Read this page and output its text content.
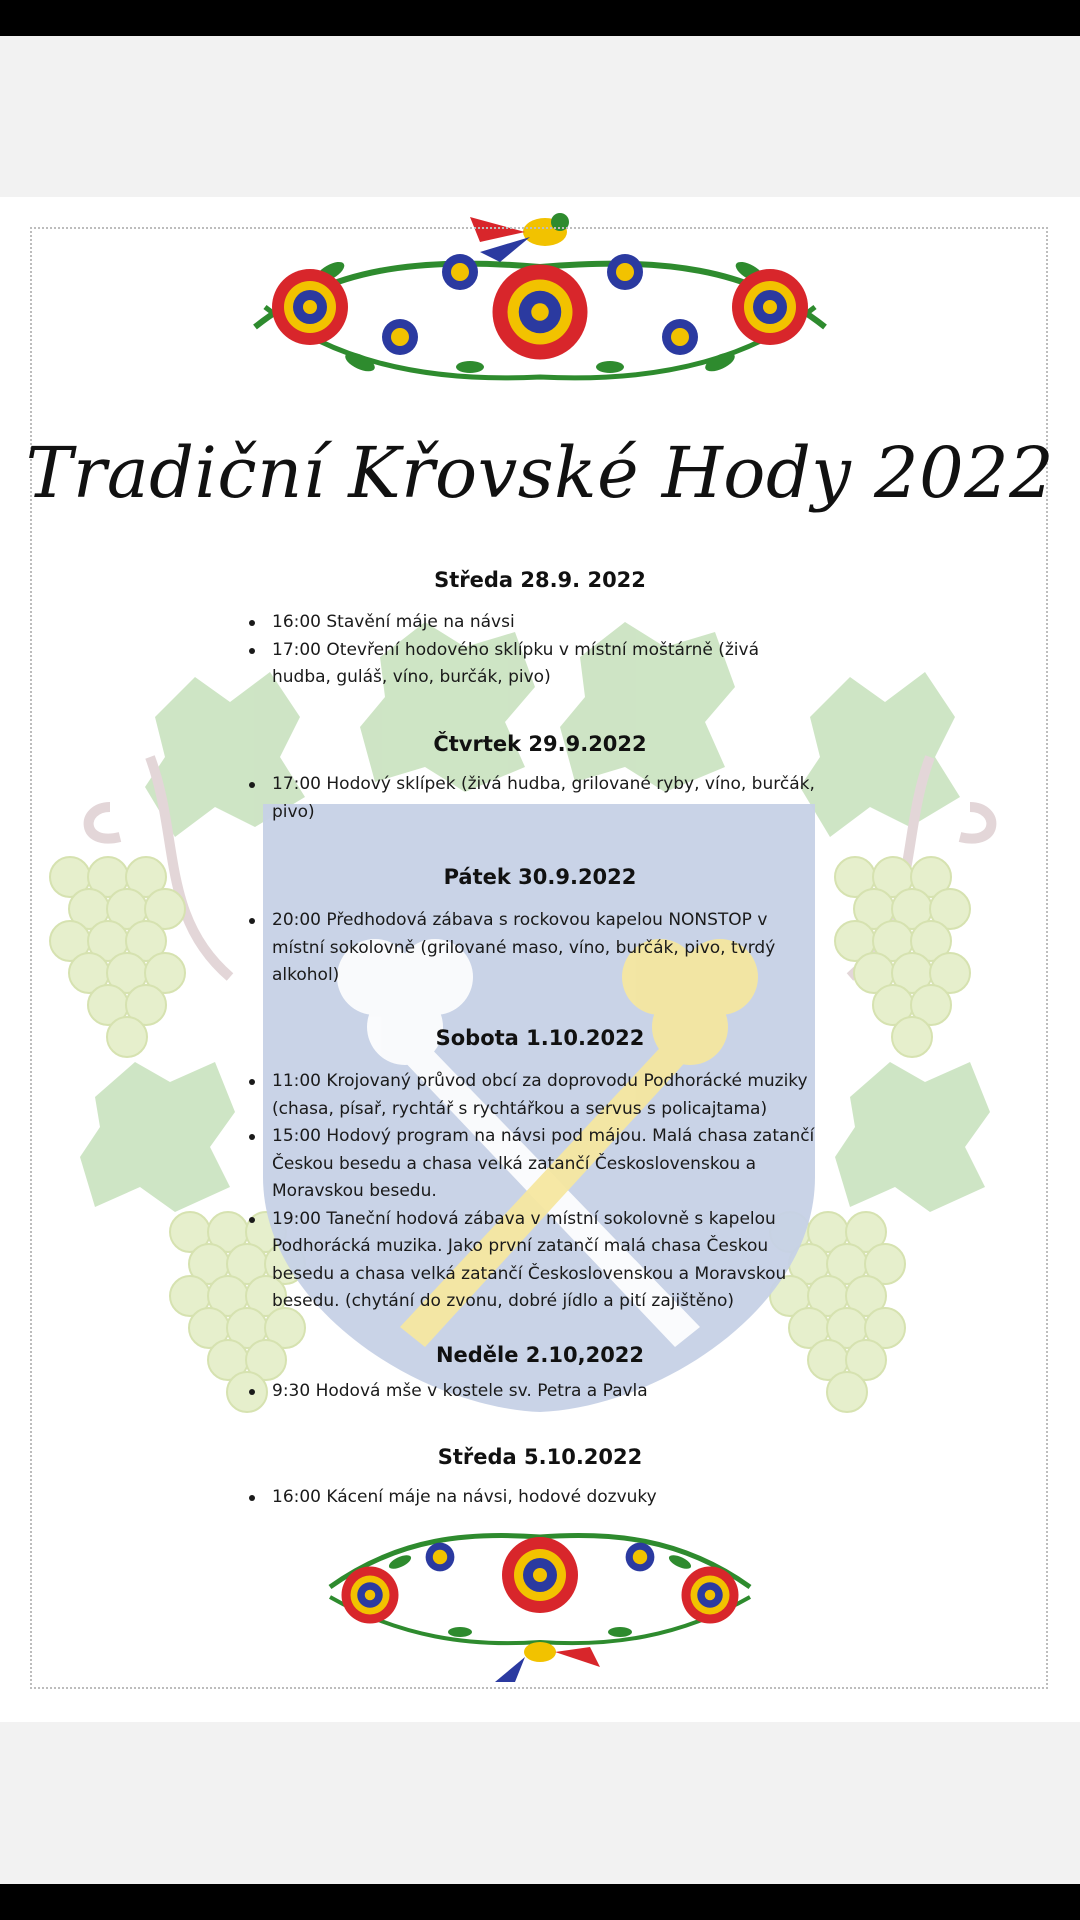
Tradiční Křovské Hody 2022
Středa 28.9. 2022
16:00 Stavění máje na návsi
17:00 Otevření hodového sklípku v místní moštárně (živá hudba, guláš, víno, burčák, pivo)
Čtvrtek 29.9.2022
17:00 Hodový sklípek (živá hudba, grilované ryby, víno, burčák, pivo)
Pátek 30.9.2022
20:00 Předhodová zábava s rockovou kapelou NONSTOP v místní sokolovně (grilované maso, víno, burčák, pivo, tvrdý alkohol)
Sobota 1.10.2022
11:00 Krojovaný průvod obcí za doprovodu Podhorácké muziky (chasa, písař, rychtář s rychtářkou a servus s policajtama)
15:00 Hodový program na návsi pod májou. Malá chasa zatančí Českou besedu a chasa velká zatančí Československou a Moravskou besedu.
19:00 Taneční hodová zábava v místní sokolovně s kapelou Podhorácká muzika. Jako první zatančí malá chasa Českou besedu a chasa velká zatančí Československou a Moravskou besedu. (chytání do zvonu, dobré jídlo a pití zajištěno)
Neděle 2.10,2022
9:30 Hodová mše v kostele sv. Petra a Pavla
Středa 5.10.2022
16:00 Kácení máje na návsi, hodové dozvuky
